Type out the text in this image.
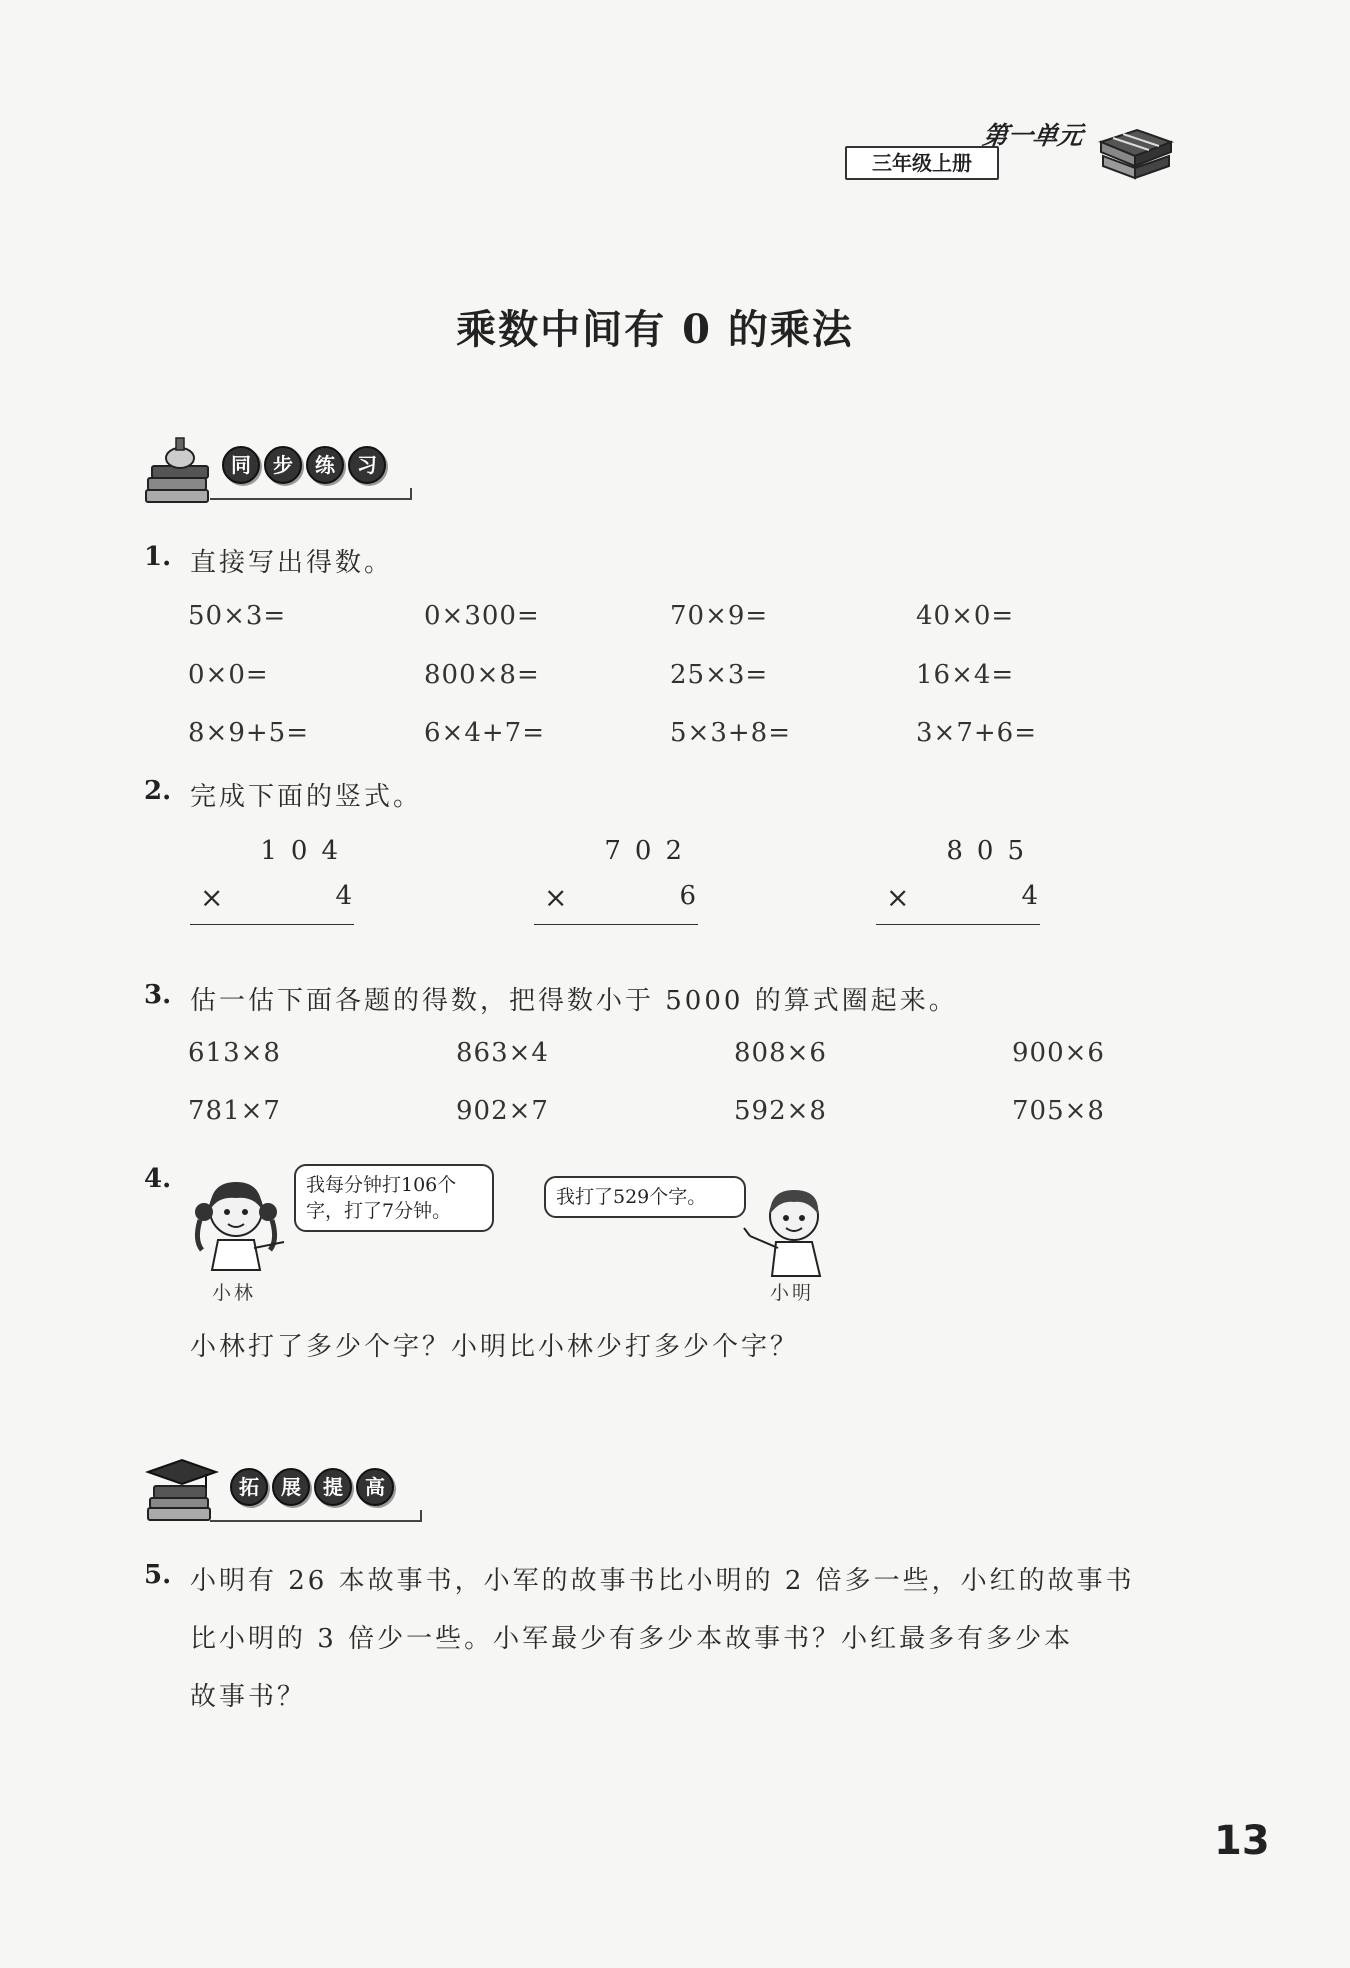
三年级上册
第一单元
乘数中间有 0 的乘法
同	步	练	习
1. 直接写出得数。
50×3=	0×300=	70×9=	40×0=
0×0=	800×8=	25×3=	16×4=
8×9+5=	6×4+7=	5×3+8=	3×7+6=
2. 完成下面的竖式。
104
×	4
702
×	6
805
×	4
3. 估一估下面各题的得数，把得数小于 5000 的算式圈起来。
613×8	863×4	808×6	900×6
781×7	902×7	592×8	705×8
4.
小林
我每分钟打106个
字，打了7分钟。
我打了529个字。
小明
小林打了多少个字？小明比小林少打多少个字？
拓	展	提	高
5. 小明有 26 本故事书，小军的故事书比小明的 2 倍多一些，小红的故事书
比小明的 3 倍少一些。小军最少有多少本故事书？小红最多有多少本
故事书？
13
